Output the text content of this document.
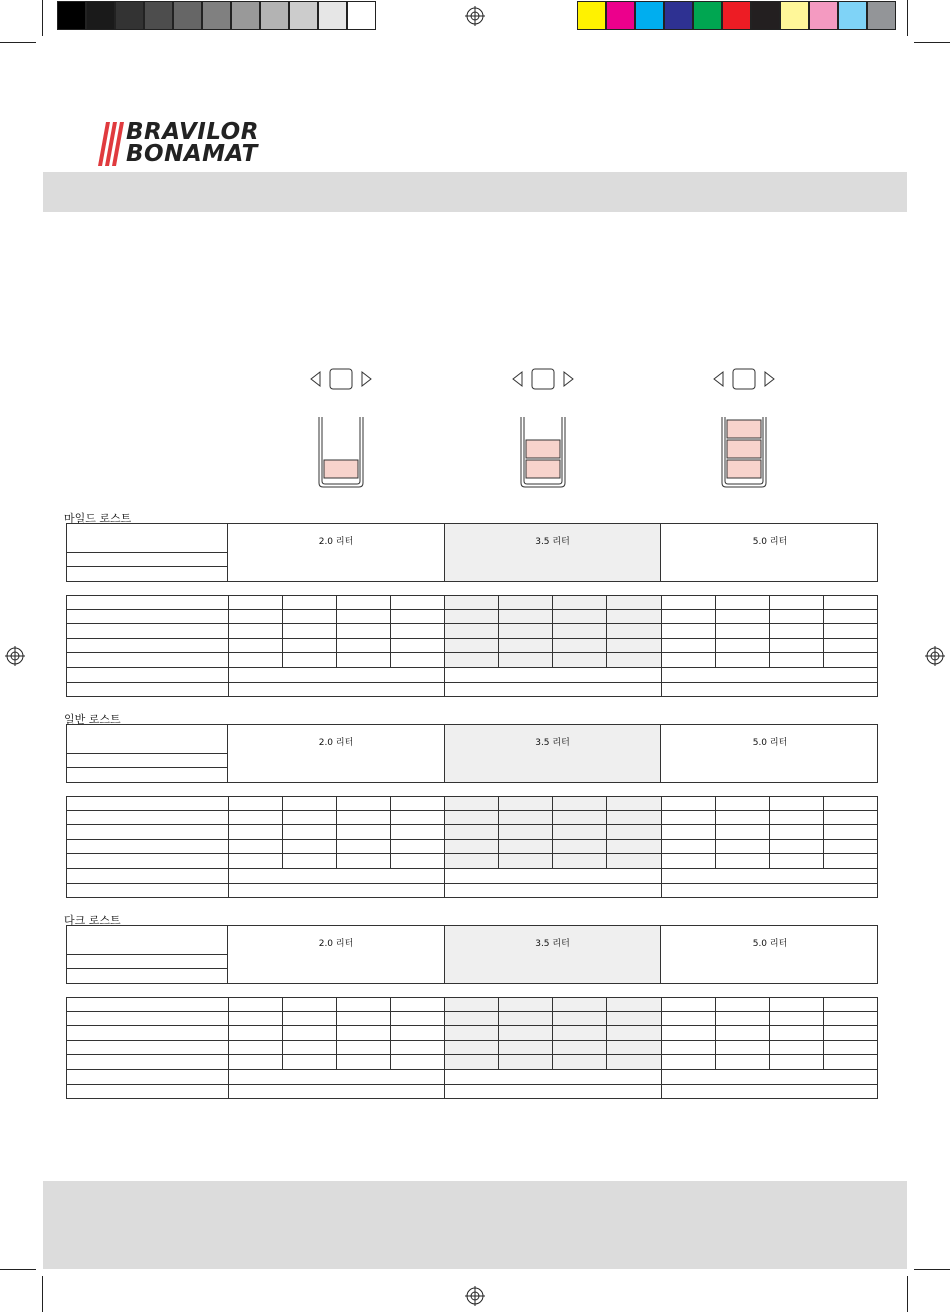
BRAVILOR
BONAMAT
마일드 로스트
2.0 리터	3.5 리터	5.0 리터
일반 로스트
2.0 리터	3.5 리터	5.0 리터
다크 로스트
2.0 리터	3.5 리터	5.0 리터
